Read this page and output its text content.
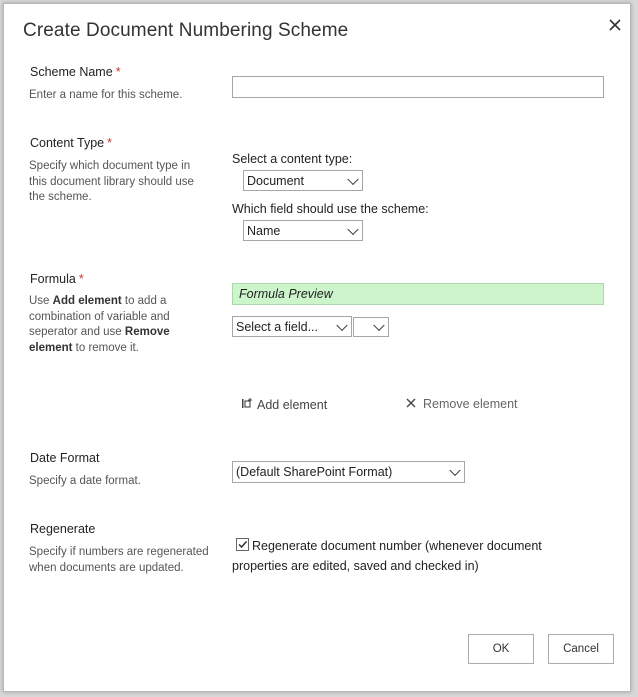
Create Document Numbering Scheme
Scheme Name *
Enter a name for this scheme.
Content Type *
Specify which document type in this document library should use the scheme.
Select a content type:
Document
Which field should use the scheme:
Name
Formula *
Use Add element to add a combination of variable and seperator and use Remove element to remove it.
Formula Preview
Select a field...
Add element	Remove element
Date Format
Specify a date format.
(Default SharePoint Format)
Regenerate
Specify if numbers are regenerated when documents are updated.
Regenerate document number (whenever document properties are edited, saved and checked in)
OK	Cancel
